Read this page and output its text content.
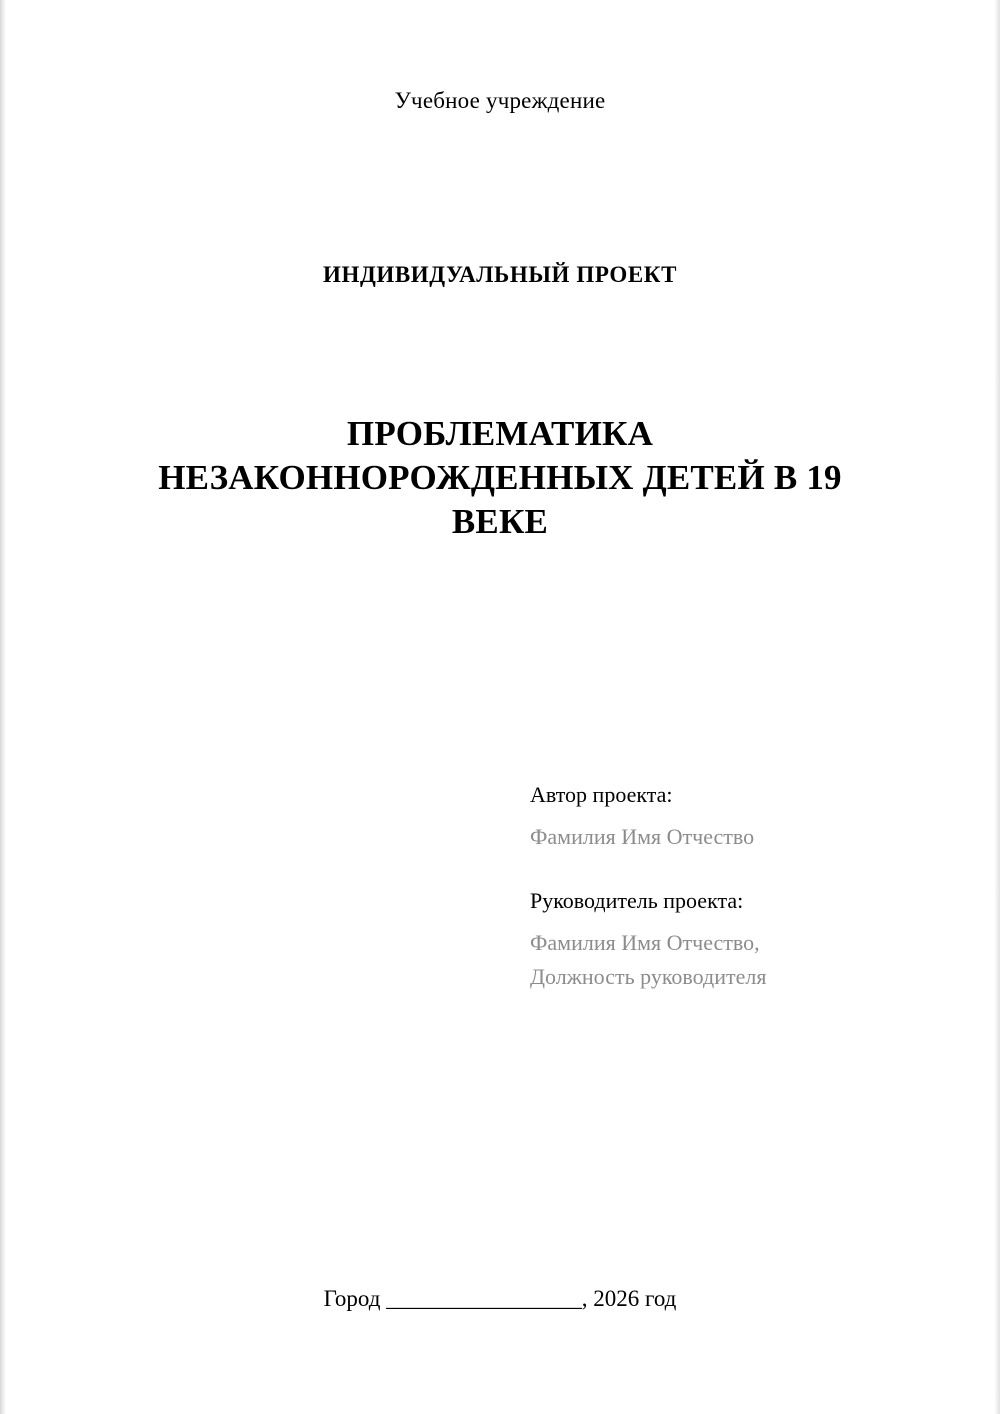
Учебное учреждение
ИНДИВИДУАЛЬНЫЙ ПРОЕКТ
ПРОБЛЕМАТИКА НЕЗАКОННОРОЖДЕННЫХ ДЕТЕЙ В 19 ВЕКЕ
Автор проекта:
Фамилия Имя Отчество
Руководитель проекта:
Фамилия Имя Отчество,
Должность руководителя
Город _________________, 2026 год
